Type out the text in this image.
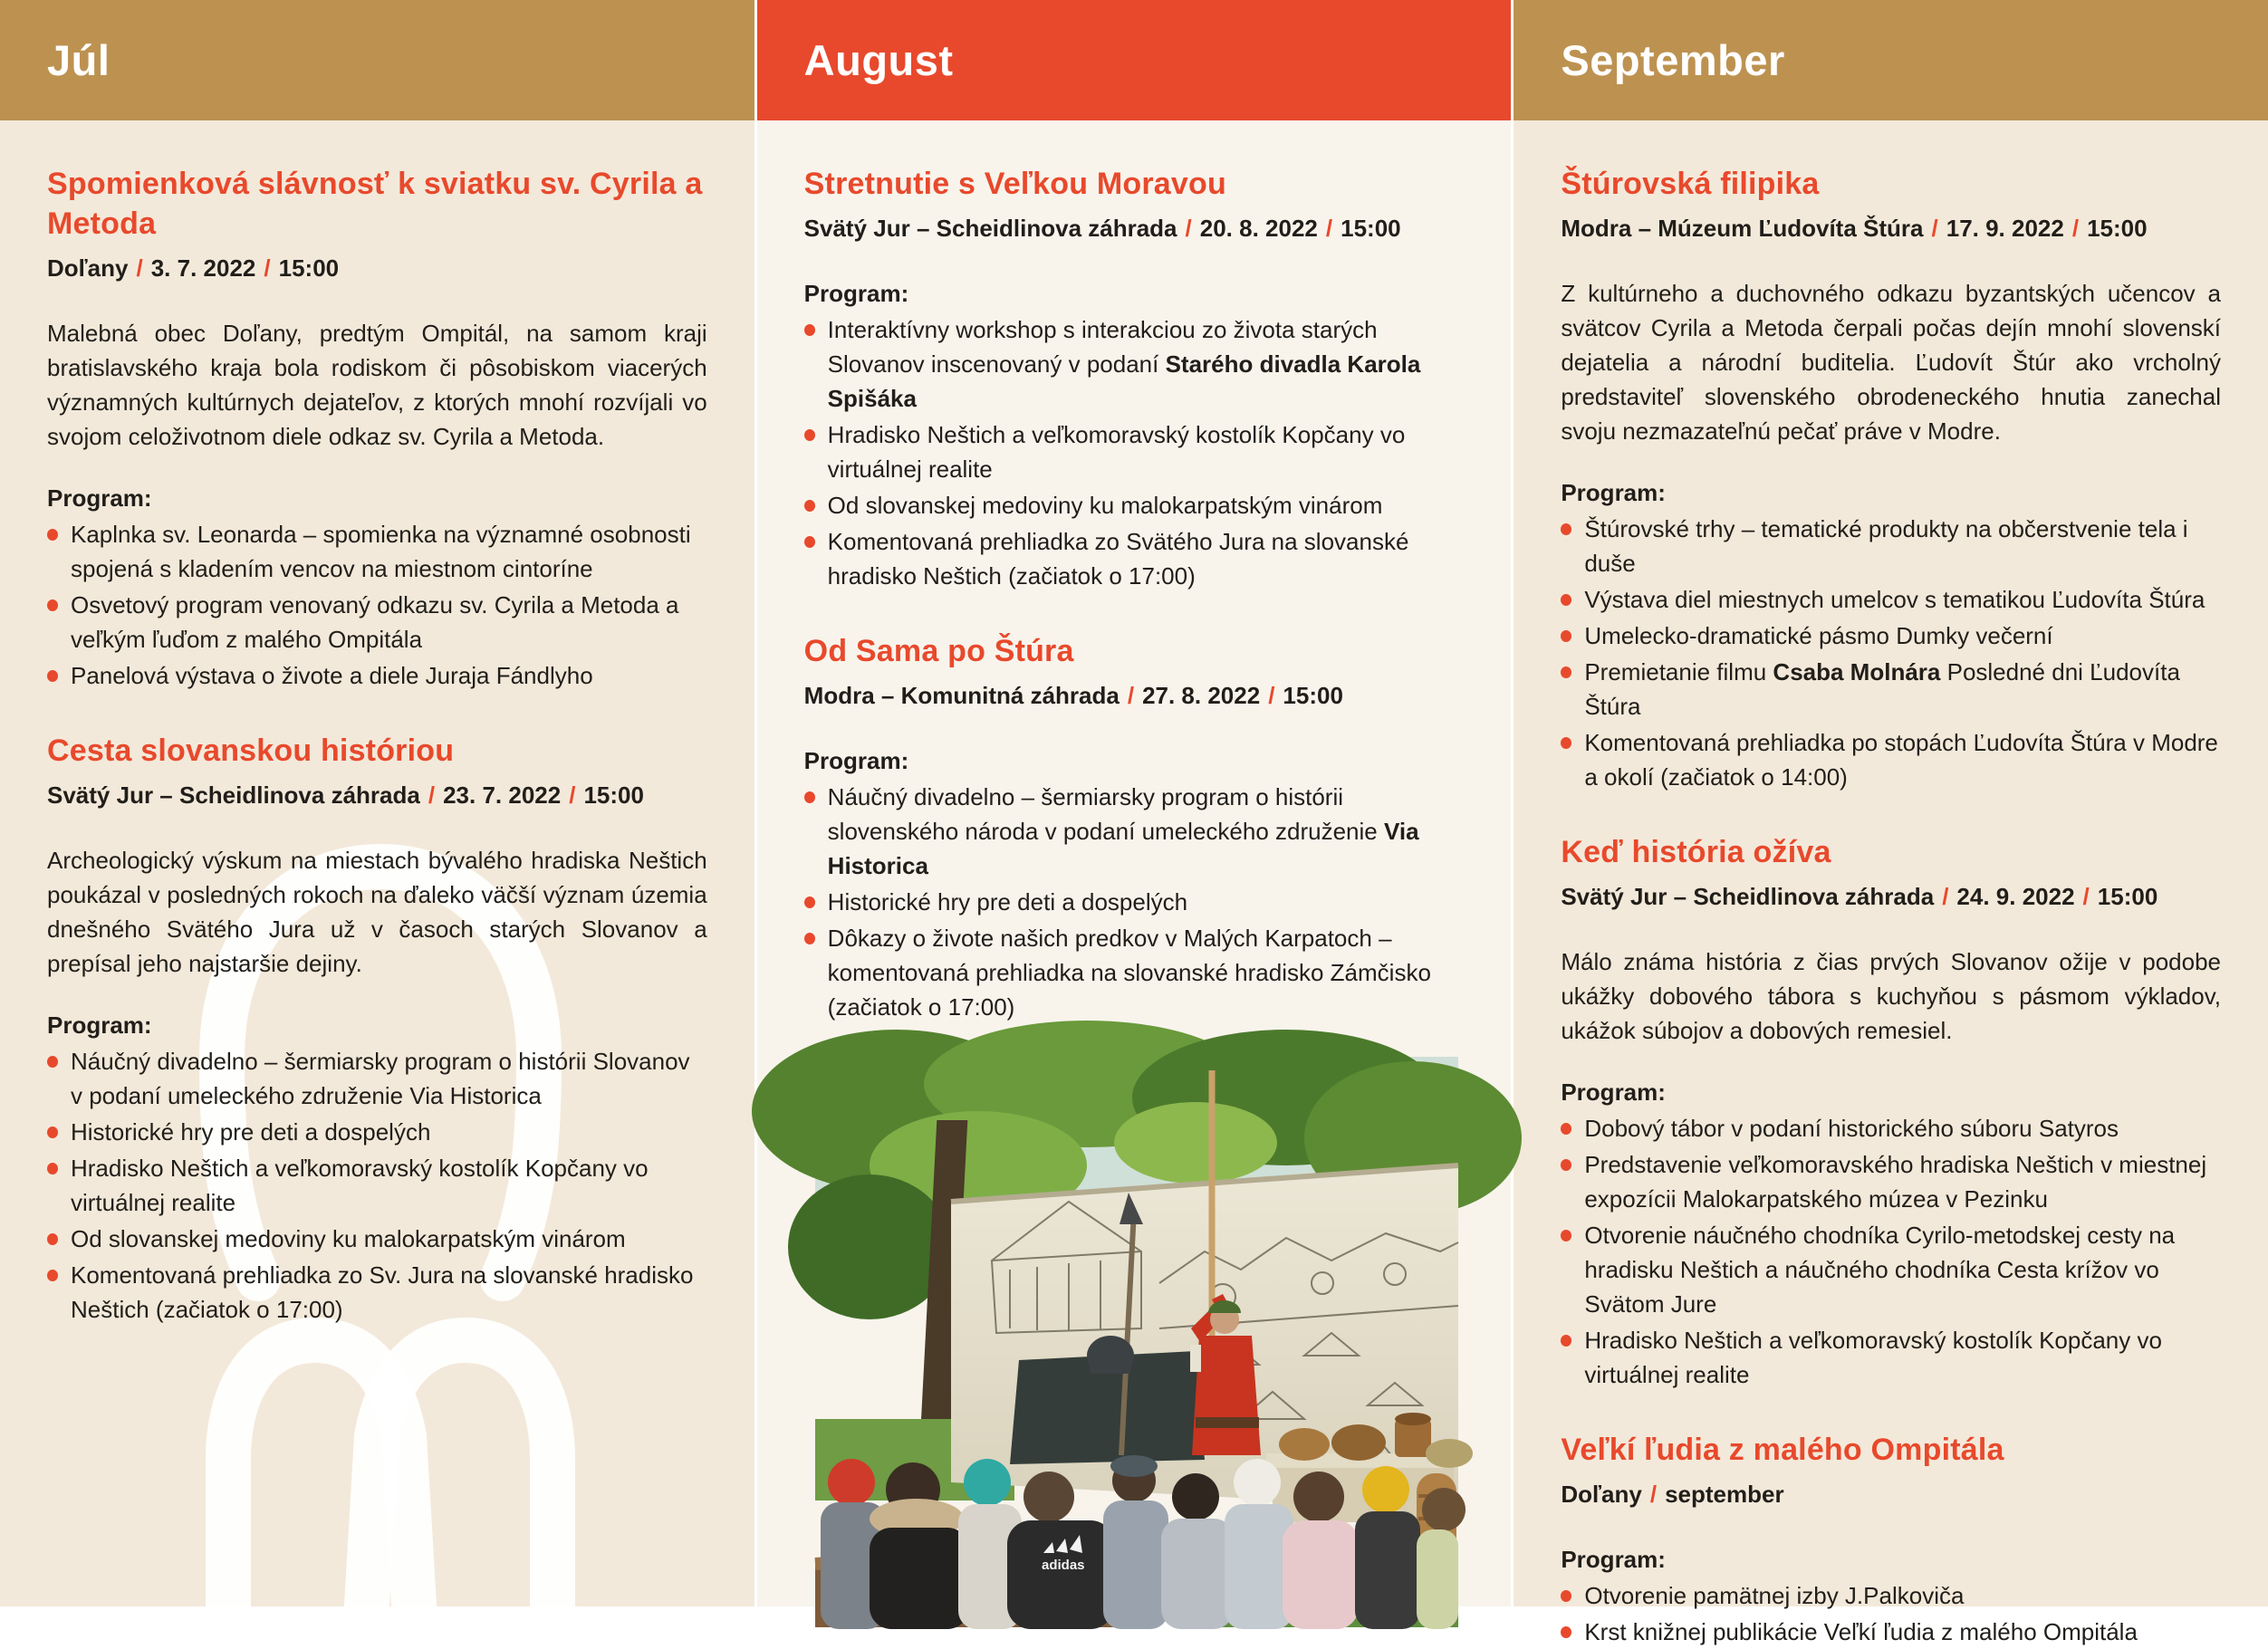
Júl
Spomienková slávnosť k sviatku sv. Cyrila a Metoda

Doľany / 3. 7. 2022 / 15:00

Malebná obec Doľany, predtým Ompitál, na samom kraji bratislavského kraja bola rodiskom či pôsobiskom viacerých významných kultúrnych dejateľov, z ktorých mnohí rozvíjali vo svojom celoživotnom diele odkaz sv. Cyrila a Metoda.

Program:

Kaplnka sv. Leonarda – spomienka na významné osobnosti spojená s kladením vencov na miestnom cintoríne

Osvetový program venovaný odkazu sv. Cyrila a Metoda a veľkým ľuďom z malého Ompitála

Panelová výstava o živote a diele Juraja Fándlyho

Cesta slovanskou históriou

Svätý Jur – Scheidlinova záhrada / 23. 7. 2022 / 15:00

Archeologický výskum na miestach bývalého hradiska Neštich poukázal v posledných rokoch na ďaleko väčší význam územia dnešného Svätého Jura už v časoch starých Slovanov a prepísal jeho najstaršie dejiny.

Program:

Náučný divadelno – šermiarsky program o histórii Slovanov v podaní umeleckého združenie Via Historica

Historické hry pre deti a dospelých

Hradisko Neštich a veľkomoravský kostolík Kopčany vo virtuálnej realite

Od slovanskej medoviny ku malokarpatským vinárom

Komentovaná prehliadka zo Sv. Jura na slovanské hradisko Neštich (začiatok o 17:00)

August
Stretnutie s Veľkou Moravou

Svätý Jur – Scheidlinova záhrada / 20. 8. 2022 / 15:00

Program:

Interaktívny workshop s interakciou zo života starých Slovanov inscenovaný v podaní Starého divadla Karola Spišáka

Hradisko Neštich a veľkomoravský kostolík Kopčany vo virtuálnej realite

Od slovanskej medoviny ku malokarpatským vinárom

Komentovaná prehliadka zo Svätého Jura na slovanské hradisko Neštich (začiatok o 17:00)

Od Sama po Štúra

Modra – Komunitná záhrada / 27. 8. 2022 / 15:00

Program:

Náučný divadelno – šermiarsky program o histórii slovenského národa v podaní umeleckého združenie Via Historica

Historické hry pre deti a dospelých

Dôkazy o živote našich predkov v Malých Karpatoch – komentovaná prehliadka na slovanské hradisko Zámčisko (začiatok o 17:00)

adidas
September
Štúrovská filipika

Modra – Múzeum Ľudovíta Štúra / 17. 9. 2022 / 15:00

Z kultúrneho a duchovného odkazu byzantských učencov a svätcov Cyrila a Metoda čerpali počas dejín mnohí slovenskí dejatelia a národní buditelia. Ľudovít Štúr ako vrcholný predstaviteľ slovenského obrodeneckého hnutia zanechal svoju nezmazateľnú pečať práve v Modre.

Program:

Štúrovské trhy – tematické produkty na občerstvenie tela i duše

Výstava diel miestnych umelcov s tematikou Ľudovíta Štúra

Umelecko-dramatické pásmo Dumky večerní

Premietanie filmu Csaba Molnára Posledné dni Ľudovíta Štúra

Komentovaná prehliadka po stopách Ľudovíta Štúra v Modre a okolí (začiatok o 14:00)

Keď história ožíva

Svätý Jur – Scheidlinova záhrada / 24. 9. 2022 / 15:00

Málo známa história z čias prvých Slovanov ožije v podobe ukážky dobového tábora s kuchyňou s pásmom výkladov, ukážok súbojov a dobových remesiel.

Program:

Dobový tábor v podaní historického súboru Satyros

Predstavenie veľkomoravského hradiska Neštich v miestnej expozícii Malokarpatského múzea v Pezinku

Otvorenie náučného chodníka Cyrilo-metodskej cesty na hradisku Neštich a náučného chodníka Cesta krížov vo Svätom Jure

Hradisko Neštich a veľkomoravský kostolík Kopčany vo virtuálnej realite

Veľkí ľudia z malého Ompitála

Doľany / september

Program:

Otvorenie pamätnej izby J.Palkoviča

Krst knižnej publikácie Veľkí ľudia z malého Ompitála
